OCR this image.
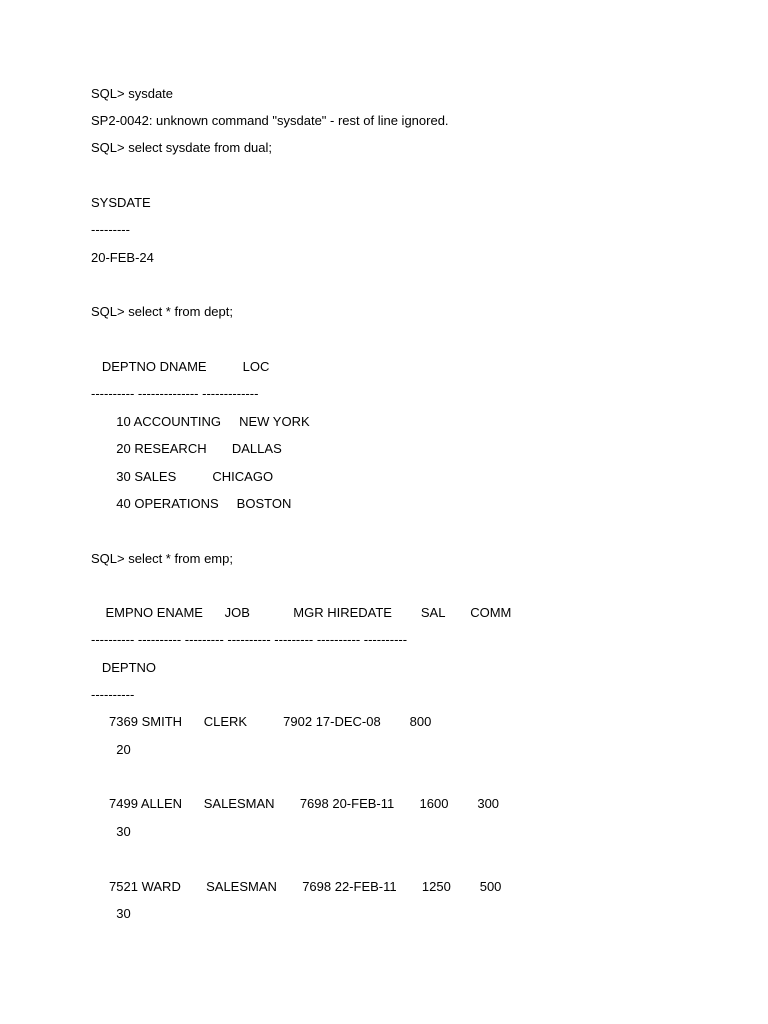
SQL> sysdate
SP2-0042: unknown command "sysdate" - rest of line ignored.
SQL> select sysdate from dual;
SYSDATE
---------
20-FEB-24
SQL> select * from dept;
DEPTNO DNAME          LOC
---------- -------------- -------------
10 ACCOUNTING     NEW YORK
20 RESEARCH       DALLAS
30 SALES          CHICAGO
40 OPERATIONS     BOSTON
SQL> select * from emp;
EMPNO ENAME      JOB            MGR HIREDATE        SAL       COMM
---------- ---------- --------- ---------- --------- ---------- ----------
DEPTNO
----------
7369 SMITH      CLERK          7902 17-DEC-08        800
20
7499 ALLEN      SALESMAN       7698 20-FEB-11       1600        300
30
7521 WARD       SALESMAN       7698 22-FEB-11       1250        500
30
